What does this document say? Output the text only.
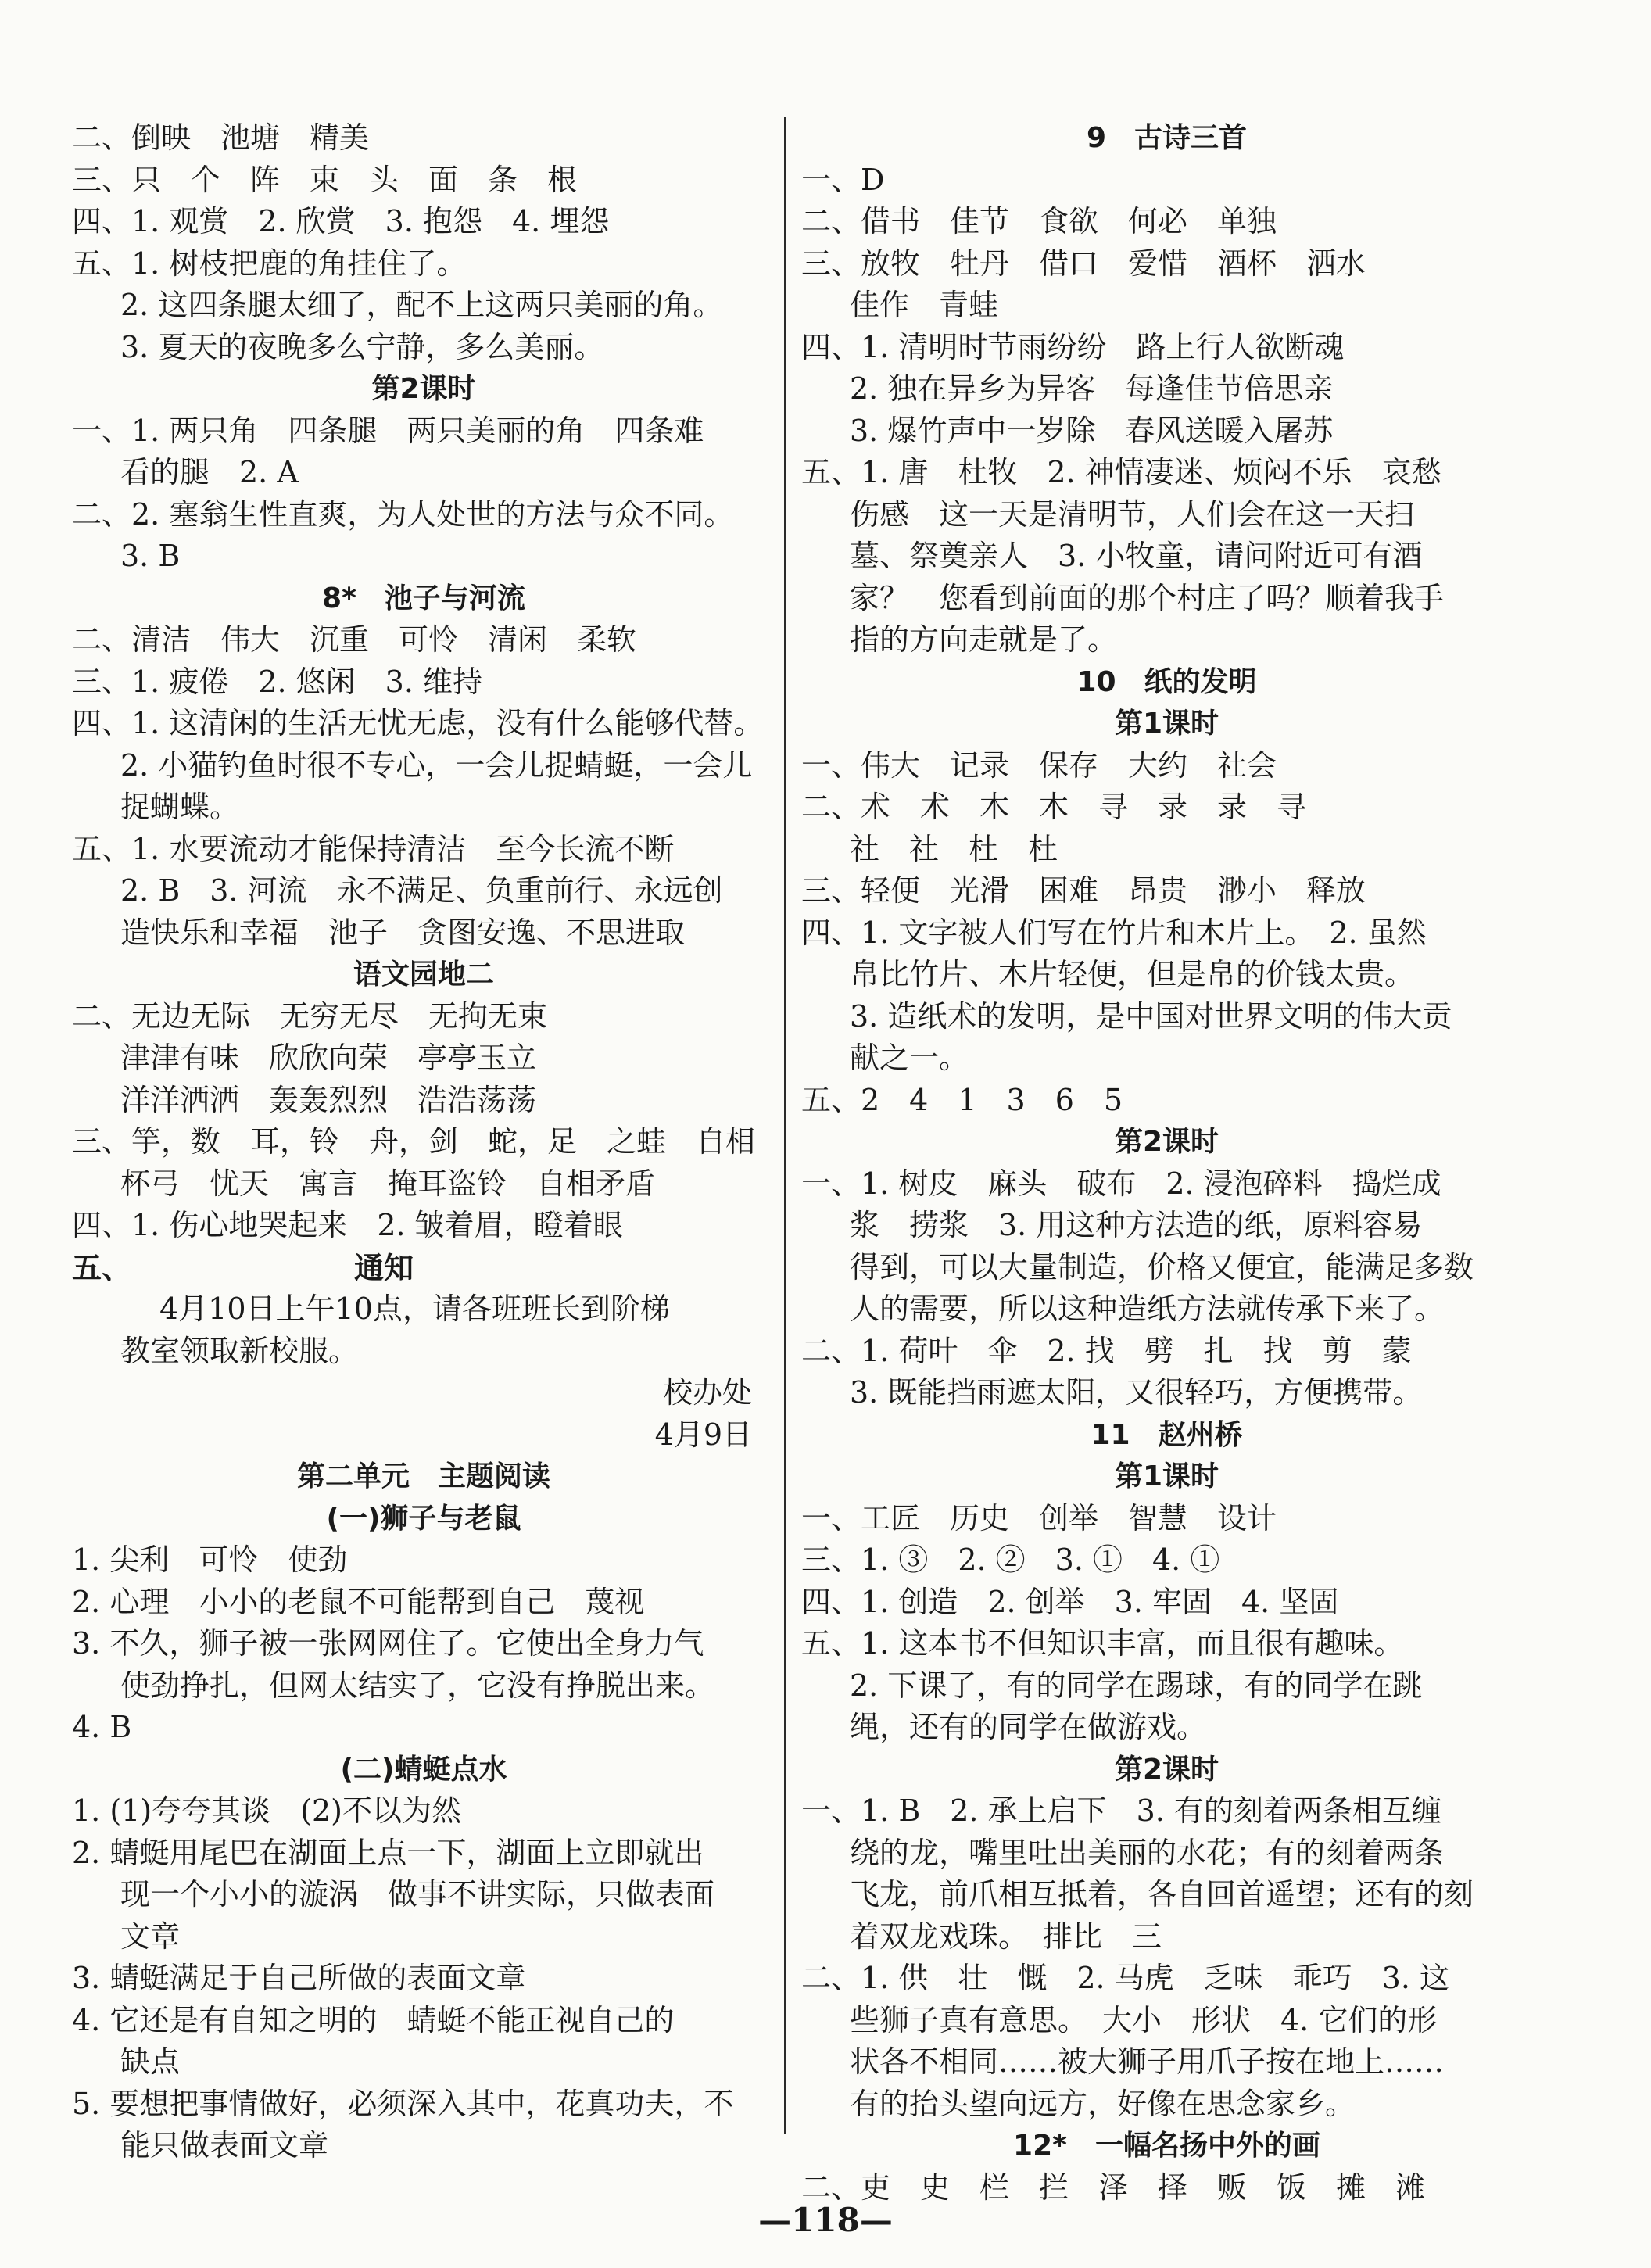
二、倒映　池塘　精美
三、只　个　阵　束　头　面　条　根
四、1. 观赏　2. 欣赏　3. 抱怨　4. 埋怨
五、1. 树枝把鹿的角挂住了。
2. 这四条腿太细了，配不上这两只美丽的角。
3. 夏天的夜晚多么宁静，多么美丽。
第2课时
一、1. 两只角　四条腿　两只美丽的角　四条难
看的腿　2. A
二、2. 塞翁生性直爽，为人处世的方法与众不同。
3. B
8*　池子与河流
二、清洁　伟大　沉重　可怜　清闲　柔软
三、1. 疲倦　2. 悠闲　3. 维持
四、1. 这清闲的生活无忧无虑，没有什么能够代替。
2. 小猫钓鱼时很不专心，一会儿捉蜻蜓，一会儿
捉蝴蝶。
五、1. 水要流动才能保持清洁　至今长流不断
2. B　3. 河流　永不满足、负重前行、永远创
造快乐和幸福　池子　贪图安逸、不思进取
语文园地二
二、无边无际　无穷无尽　无拘无束
津津有味　欣欣向荣　亭亭玉立
洋洋洒洒　轰轰烈烈　浩浩荡荡
三、竽，数　耳，铃　舟，剑　蛇，足　之蛙　自相
杯弓　忧天　寓言　掩耳盗铃　自相矛盾
四、1. 伤心地哭起来　2. 皱着眉，瞪着眼
五、　　　　　　　　通知
4月10日上午10点，请各班班长到阶梯
教室领取新校服。
校办处
4月9日
第二单元　主题阅读
(一)狮子与老鼠
1. 尖利　可怜　使劲
2. 心理　小小的老鼠不可能帮到自己　蔑视
3. 不久，狮子被一张网网住了。它使出全身力气
使劲挣扎，但网太结实了，它没有挣脱出来。
4. B
(二)蜻蜓点水
1. (1)夸夸其谈　(2)不以为然
2. 蜻蜓用尾巴在湖面上点一下，湖面上立即就出
现一个小小的漩涡　做事不讲实际，只做表面
文章
3. 蜻蜓满足于自己所做的表面文章
4. 它还是有自知之明的　蜻蜓不能正视自己的
缺点
5. 要想把事情做好，必须深入其中，花真功夫，不
能只做表面文章
9　古诗三首
一、D
二、借书　佳节　食欲　何必　单独
三、放牧　牡丹　借口　爱惜　酒杯　洒水
佳作　青蛙
四、1. 清明时节雨纷纷　路上行人欲断魂
2. 独在异乡为异客　每逢佳节倍思亲
3. 爆竹声中一岁除　春风送暖入屠苏
五、1. 唐　杜牧　2. 神情凄迷、烦闷不乐　哀愁
伤感　这一天是清明节，人们会在这一天扫
墓、祭奠亲人　3. 小牧童，请问附近可有酒
家？　您看到前面的那个村庄了吗？顺着我手
指的方向走就是了。
10　纸的发明
第1课时
一、伟大　记录　保存　大约　社会
二、术　术　木　木　寻　录　录　寻
社　社　杜　杜
三、轻便　光滑　困难　昂贵　渺小　释放
四、1. 文字被人们写在竹片和木片上。　2. 虽然
帛比竹片、木片轻便，但是帛的价钱太贵。
3. 造纸术的发明，是中国对世界文明的伟大贡
献之一。
五、2　4　1　3　6　5
第2课时
一、1. 树皮　麻头　破布　2. 浸泡碎料　捣烂成
浆　捞浆　3. 用这种方法造的纸，原料容易
得到，可以大量制造，价格又便宜，能满足多数
人的需要，所以这种造纸方法就传承下来了。
二、1. 荷叶　伞　2. 找　劈　扎　找　剪　蒙
3. 既能挡雨遮太阳，又很轻巧，方便携带。
11　赵州桥
第1课时
一、工匠　历史　创举　智慧　设计
三、1. ③　2. ②　3. ①　4. ①
四、1. 创造　2. 创举　3. 牢固　4. 坚固
五、1. 这本书不但知识丰富，而且很有趣味。
2. 下课了，有的同学在踢球，有的同学在跳
绳，还有的同学在做游戏。
第2课时
一、1. B　2. 承上启下　3. 有的刻着两条相互缠
绕的龙，嘴里吐出美丽的水花；有的刻着两条
飞龙，前爪相互抵着，各自回首遥望；还有的刻
着双龙戏珠。　排比　三
二、1. 供　壮　慨　2. 马虎　乏味　乖巧　3. 这
些狮子真有意思。　大小　形状　4. 它们的形
状各不相同……被大狮子用爪子按在地上……
有的抬头望向远方，好像在思念家乡。
12*　一幅名扬中外的画
二、吏　史　栏　拦　泽　择　贩　饭　摊　滩
—118—
